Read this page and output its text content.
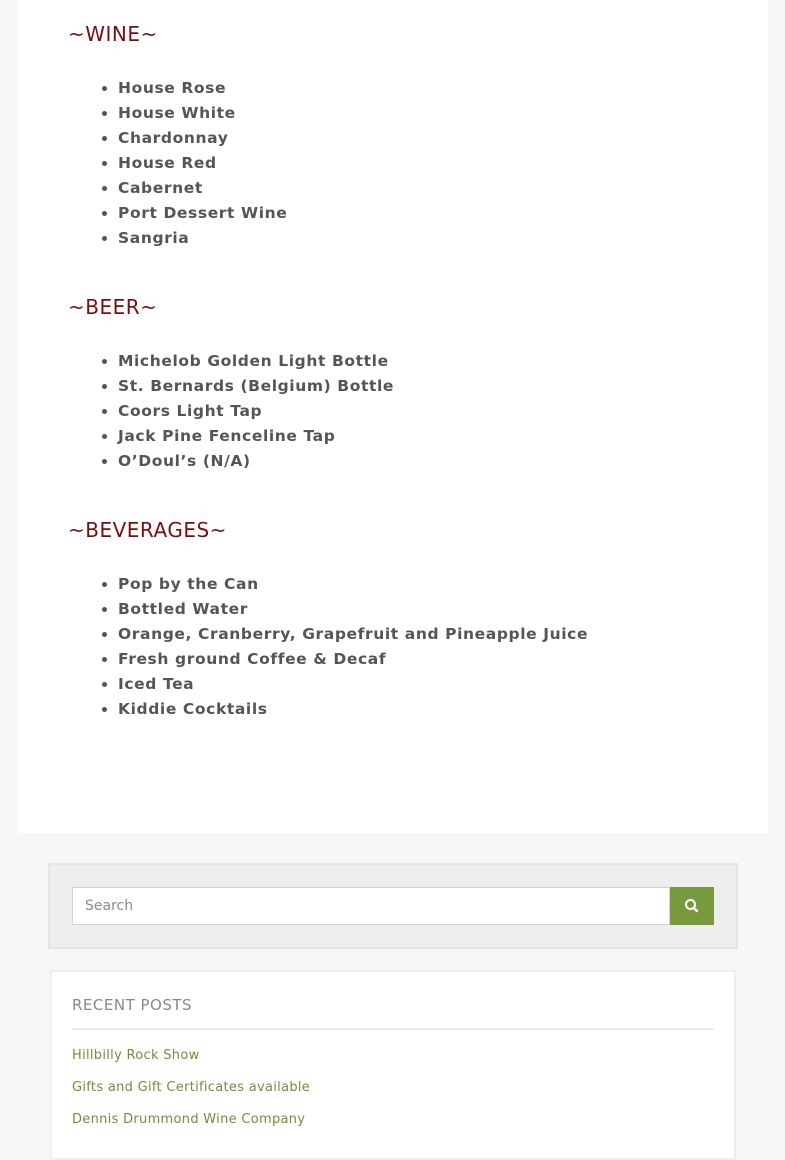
~WINE~
• House Rose
• House White
• Chardonnay
• House Red
• Cabernet
• Port Dessert Wine
• Sangria
~BEER~
• Michelob Golden Light Bottle
• St. Bernards (Belgium) Bottle
• Coors Light Tap
• Jack Pine Fenceline Tap
• O’Doul’s (N/A)
~BEVERAGES~
• Pop by the Can
• Bottled Water
• Orange, Cranberry, Grapefruit and Pineapple Juice
• Fresh ground Coffee & Decaf
• Iced Tea
• Kiddie Cocktails
Search
RECENT POSTS
Hillbilly Rock Show
Gifts and Gift Certificates available
Dennis Drummond Wine Company
